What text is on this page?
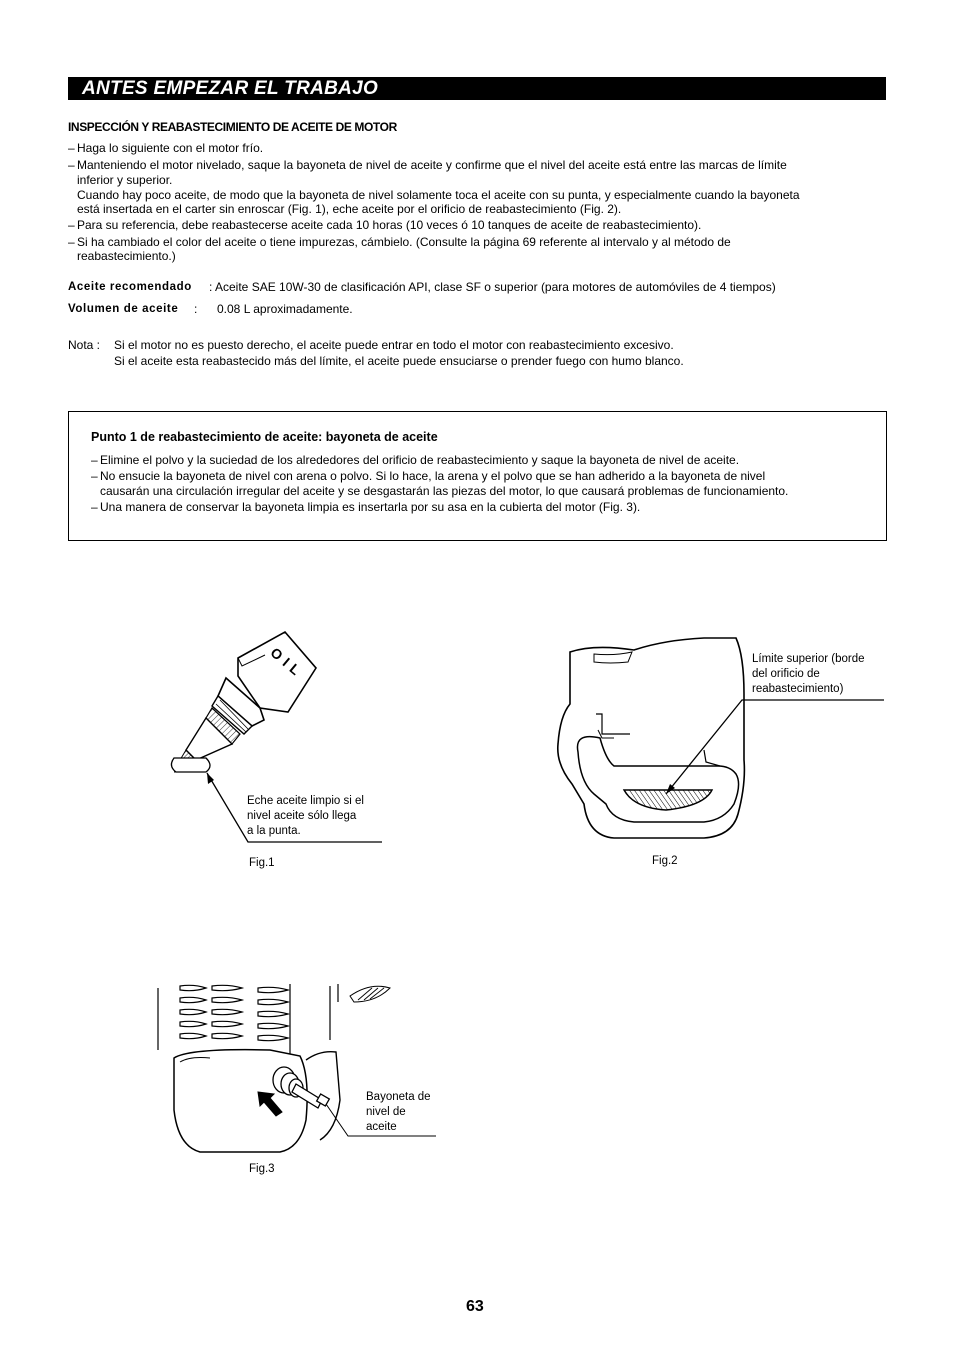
ANTES EMPEZAR EL TRABAJO
INSPECCIÓN Y REABASTECIMIENTO DE ACEITE DE MOTOR
– Haga lo siguiente con el motor frío.
– Manteniendo el motor nivelado, saque la bayoneta de nivel de aceite y confirme que el nivel del aceite está entre las marcas de límite
inferior y superior.
Cuando hay poco aceite, de modo que la bayoneta de nivel solamente toca el aceite con su punta, y especialmente cuando la bayoneta
está insertada en el carter sin enroscar (Fig. 1), eche aceite por el orificio de reabastecimiento (Fig. 2).
– Para su referencia, debe reabastecerse aceite cada 10 horas (10 veces ó 10 tanques de aceite de reabastecimiento).
– Si ha cambiado el color del aceite o tiene impurezas, cámbielo. (Consulte la página 69 referente al intervalo y al método de
reabastecimiento.)
Aceite recomendado : Aceite SAE 10W-30 de clasificación API, clase SF o superior (para motores de automóviles de 4 tiempos)
Volumen de aceite : 0.08 L aproximadamente.
Nota : Si el motor no es puesto derecho, el aceite puede entrar en todo el motor con reabastecimiento excesivo.
Si el aceite esta reabastecido más del límite, el aceite puede ensuciarse o prender fuego con humo blanco.
Punto 1 de reabastecimiento de aceite: bayoneta de aceite
– Elimine el polvo y la suciedad de los alrededores del orificio de reabastecimiento y saque la bayoneta de nivel de aceite.
– No ensucie la bayoneta de nivel con arena o polvo. Si lo hace, la arena y el polvo que se han adherido a la bayoneta de nivel
causarán una circulación irregular del aceite y se desgastarán las piezas del motor, lo que causará problemas de funcionamiento.
– Una manera de conservar la bayoneta limpia es insertarla por su asa en la cubierta del motor (Fig. 3).
O
I
L
Eche aceite limpio si el
nivel aceite sólo llega
a la punta.
Fig.1
Límite superior (borde
del orificio de
reabastecimiento)
Fig.2
Bayoneta de
nivel de
aceite
Fig.3
63
